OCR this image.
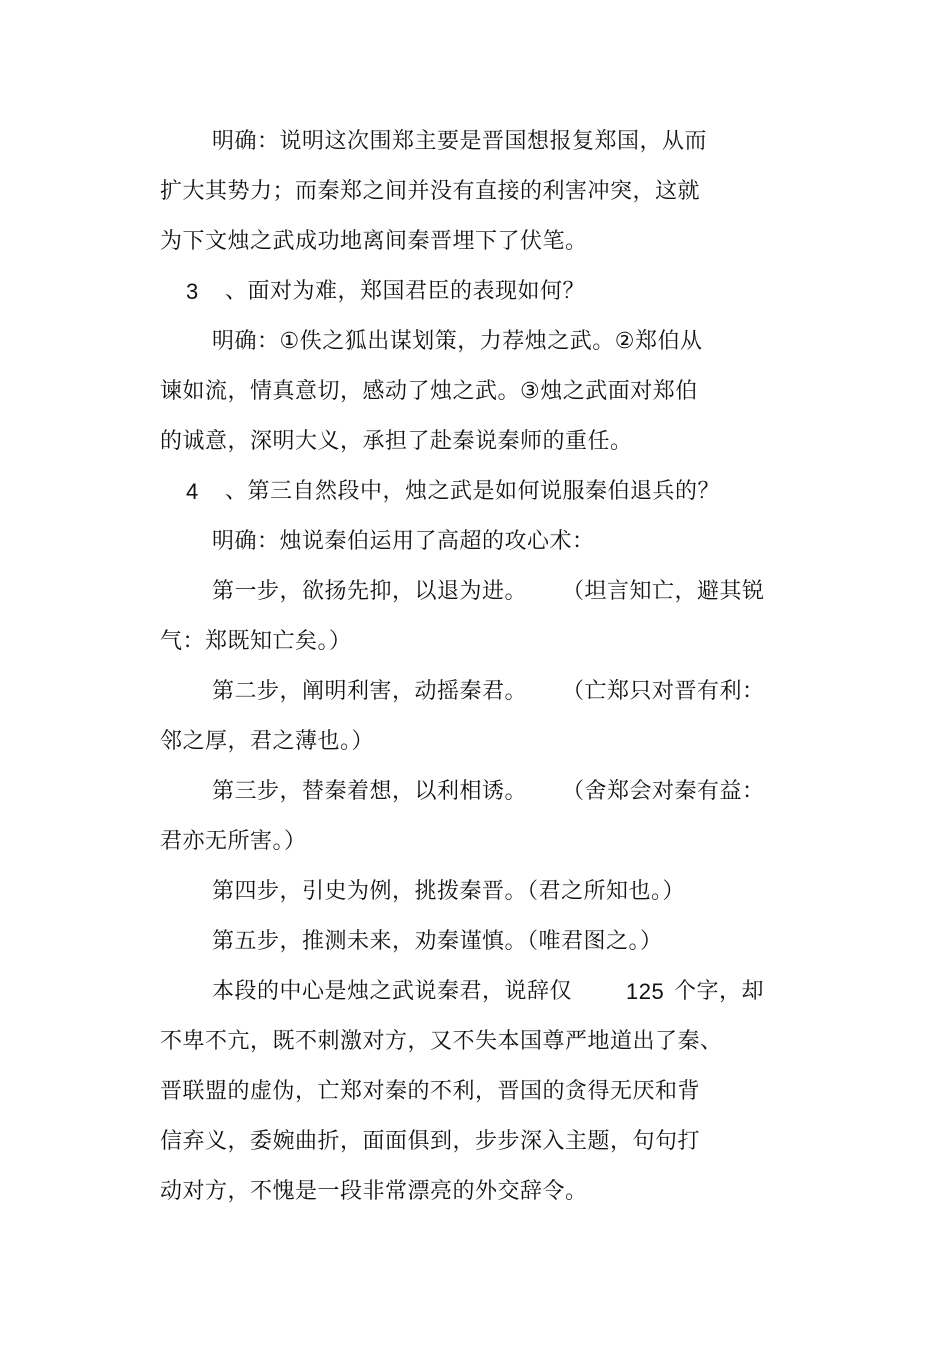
明确：说明这次围郑主要是晋国想报复郑国，从而
扩大其势力；而秦郑之间并没有直接的利害冲突，这就
为下文烛之武成功地离间秦晋埋下了伏笔。
3 、面对为难，郑国君臣的表现如何？
明确：①佚之狐出谋划策，力荐烛之武。②郑伯从
谏如流，情真意切，感动了烛之武。③烛之武面对郑伯
的诚意，深明大义，承担了赴秦说秦师的重任。
4 、第三自然段中，烛之武是如何说服秦伯退兵的？
明确：烛说秦伯运用了高超的攻心术：
第一步，欲扬先抑，以退为进。 （坦言知亡，避其锐
气：郑既知亡矣。）
第二步，阐明利害，动摇秦君。 （亡郑只对晋有利：
邻之厚，君之薄也。）
第三步，替秦着想，以利相诱。 （舍郑会对秦有益：
君亦无所害。）
第四步，引史为例，挑拨秦晋。（君之所知也。）
第五步，推测未来，劝秦谨慎。（唯君图之。）
本段的中心是烛之武说秦君，说辞仅 125 个字，却
不卑不亢，既不刺激对方，又不失本国尊严地道出了秦、
晋联盟的虚伪，亡郑对秦的不利，晋国的贪得无厌和背
信弃义，委婉曲折，面面俱到，步步深入主题，句句打
动对方，不愧是一段非常漂亮的外交辞令。
